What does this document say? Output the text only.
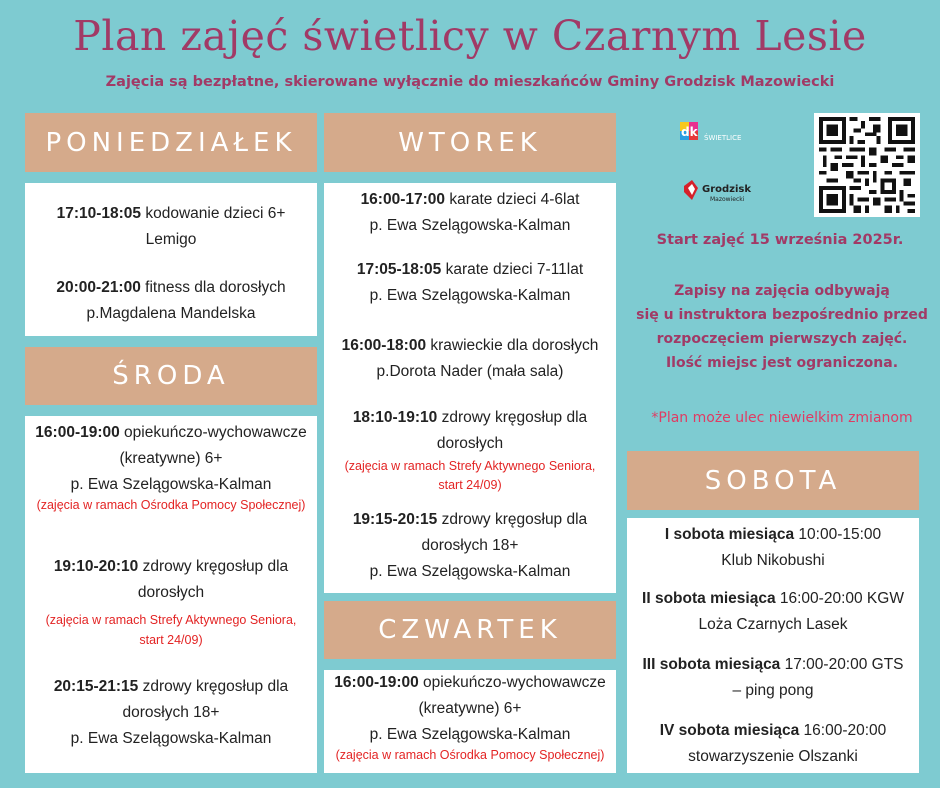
Plan zajęć świetlicy w Czarnym Lesie
Zajęcia są bezpłatne, skierowane wyłącznie do mieszkańców Gminy Grodzisk Mazowiecki
PONIEDZIAŁEK
17:10-18:05 kodowanie dzieci 6+
Lemigo
20:00-21:00 fitness dla dorosłych
p.Magdalena Mandelska
ŚRODA
16:00-19:00 opiekuńczo-wychowawcze
(kreatywne) 6+
p. Ewa Szelągowska-Kalman
(zajęcia w ramach Ośrodka Pomocy Społecznej)
19:10-20:10 zdrowy kręgosłup dla
dorosłych
(zajęcia w ramach Strefy Aktywnego Seniora,
start 24/09)
20:15-21:15 zdrowy kręgosłup dla
dorosłych 18+
p. Ewa Szelągowska-Kalman
WTOREK
16:00-17:00 karate dzieci 4-6lat
p. Ewa Szelągowska-Kalman
17:05-18:05 karate dzieci 7-11lat
p. Ewa Szelągowska-Kalman
16:00-18:00 krawieckie dla dorosłych
p.Dorota Nader (mała sala)
18:10-19:10 zdrowy kręgosłup dla
dorosłych
(zajęcia w ramach Strefy Aktywnego Seniora,
start 24/09)
19:15-20:15 zdrowy kręgosłup dla
dorosłych 18+
p. Ewa Szelągowska-Kalman
CZWARTEK
16:00-19:00 opiekuńczo-wychowawcze
(kreatywne) 6+
p. Ewa Szelągowska-Kalman
(zajęcia w ramach Ośrodka Pomocy Społecznej)
dk ŚWIETLICE
Grodzisk
Mazowiecki
Start zajęć 15 września 2025r.
Zapisy na zajęcia odbywają
się u instruktora bezpośrednio przed
rozpoczęciem pierwszych zajęć.
Ilość miejsc jest ograniczona.
*Plan może ulec niewielkim zmianom
SOBOTA
I sobota miesiąca 10:00-15:00
Klub Nikobushi
II sobota miesiąca 16:00-20:00 KGW
Loża Czarnych Lasek
III sobota miesiąca 17:00-20:00 GTS
– ping pong
IV sobota miesiąca 16:00-20:00
stowarzyszenie Olszanki
